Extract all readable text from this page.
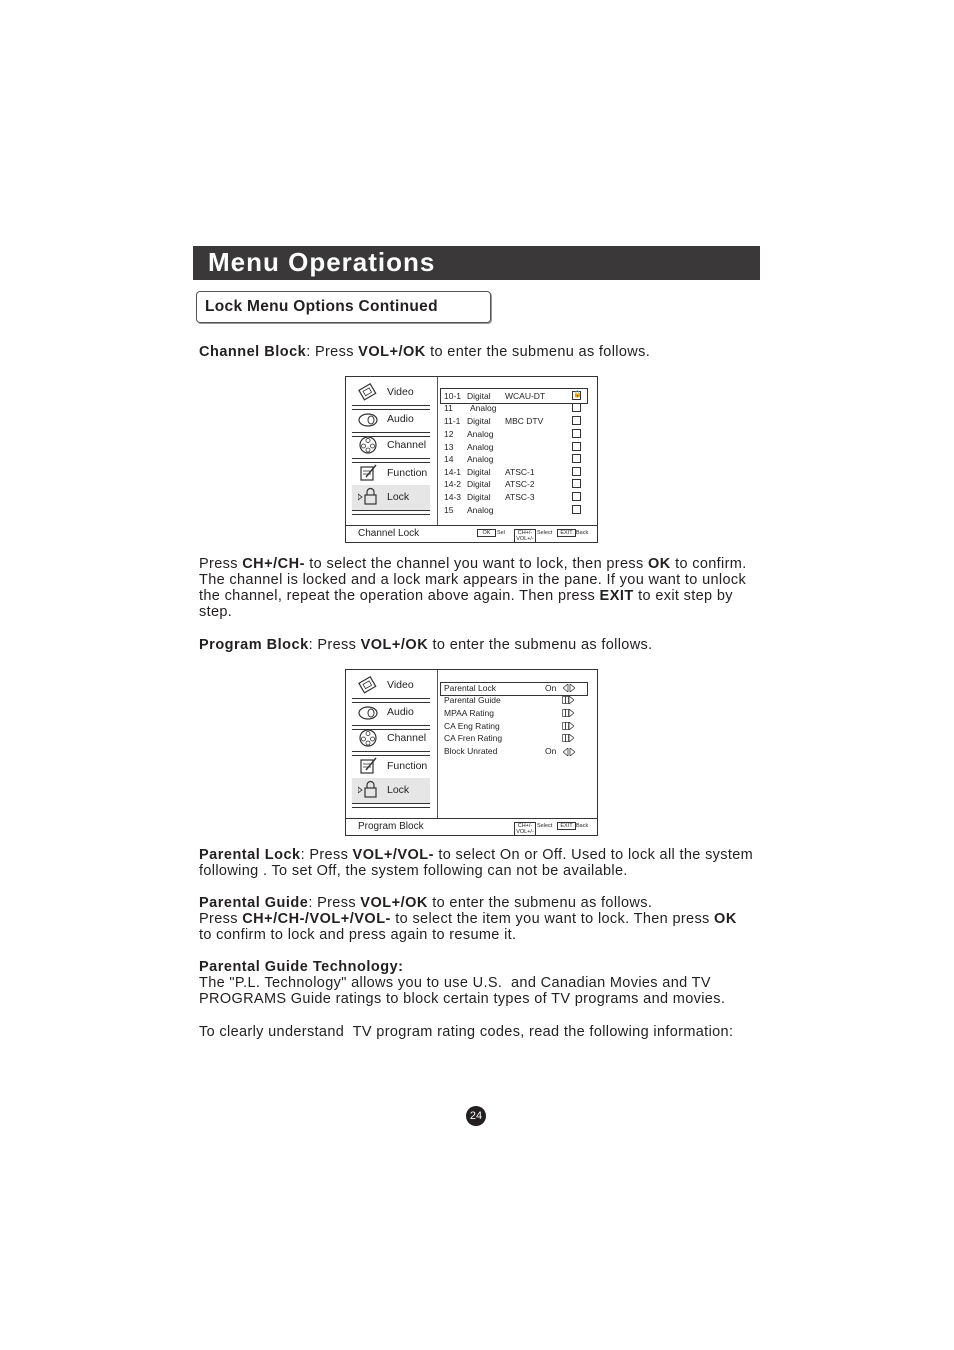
Menu Operations
Lock Menu Options Continued
Channel Block: Press VOL+/OK to enter the submenu as follows.
Video
Audio
Channel
Function
Lock
10-1 Digital WCAU-DT	🔒
11 Analog
11-1 Digital MBC DTV
12 Analog
13 Analog
14 Analog
14-1 Digital ATSC-1
14-2 Digital ATSC-2
14-3 Digital ATSC-3
15 Analog
Channel Lock	OK	Sel	CH+/-
VOL+/-
Select	EXIT Back
Press CH+/CH- to select the channel you want to lock, then press OK to confirm.
The channel is locked and a lock mark appears in the pane. If you want to unlock
the channel, repeat the operation above again. Then press EXIT to exit step by
step.
Program Block: Press VOL+/OK to enter the submenu as follows.
Video
Audio
Channel
Function
Lock
Parental Lock	On
Parental Guide
MPAA Rating
CA Eng Rating
CA Fren Rating
Block Unrated	On
Program Block	CH+/-
VOL+/-
Select	EXIT Back
Parental Lock: Press VOL+/VOL- to select On or Off. Used to lock all the system
following . To set Off, the system following can not be available.
Parental Guide: Press VOL+/OK to enter the submenu as follows.
Press CH+/CH-/VOL+/VOL- to select the item you want to lock. Then press OK
to confirm to lock and press again to resume it.
Parental Guide Technology:
The "P.L. Technology" allows you to use U.S.  and Canadian Movies and TV
PROGRAMS Guide ratings to block certain types of TV programs and movies.
To clearly understand  TV program rating codes, read the following information:
24
